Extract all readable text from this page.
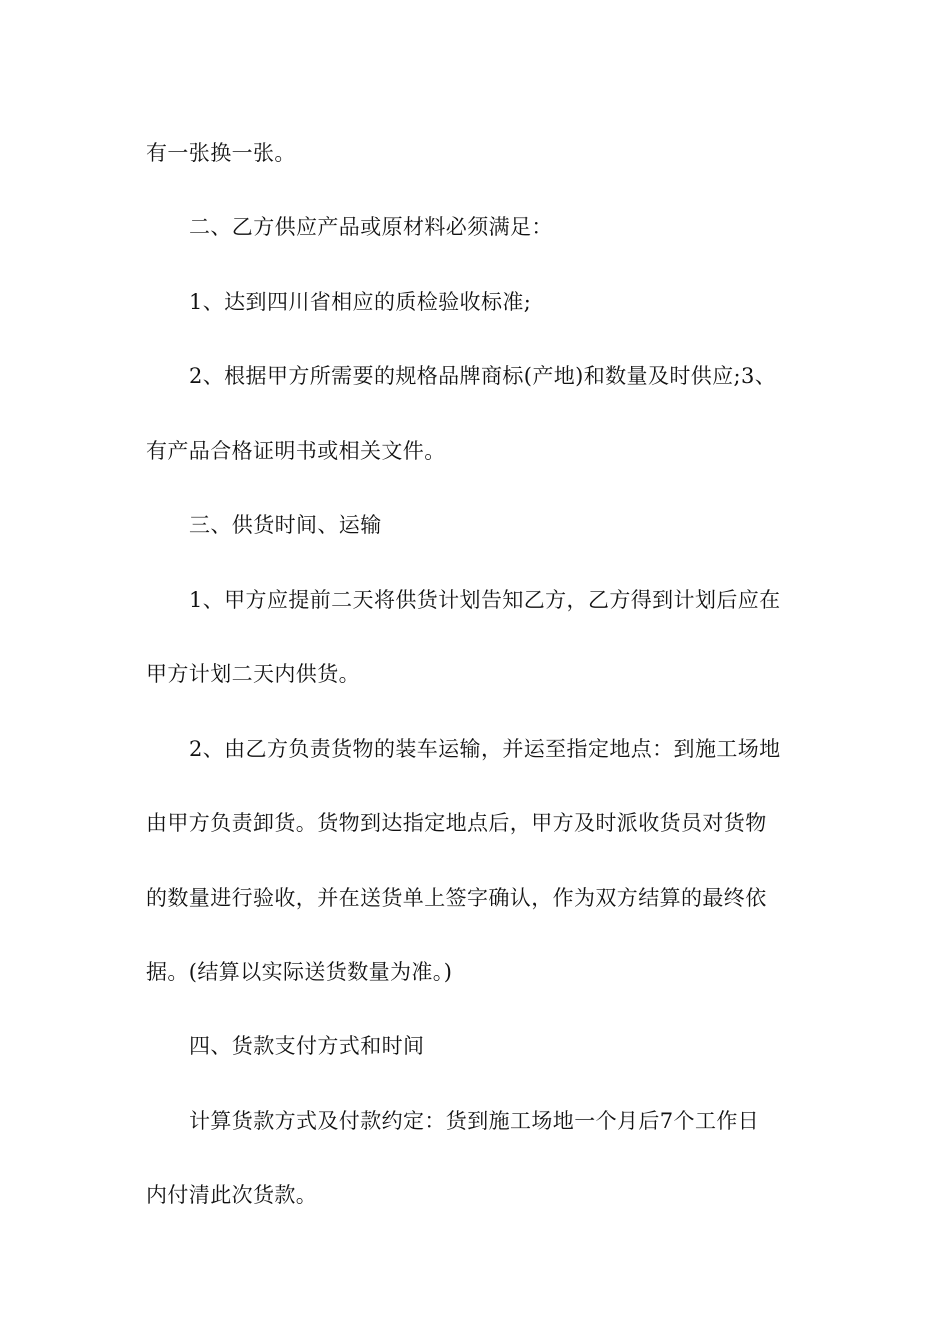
有一张换一张。
二、乙方供应产品或原材料必须满足：
1、达到四川省相应的质检验收标准;
2、根据甲方所需要的规格品牌商标(产地)和数量及时供应;3、
有产品合格证明书或相关文件。
三、供货时间、运输
1、甲方应提前二天将供货计划告知乙方，乙方得到计划后应在
甲方计划二天内供货。
2、由乙方负责货物的装车运输，并运至指定地点：到施工场地
由甲方负责卸货。货物到达指定地点后，甲方及时派收货员对货物
的数量进行验收，并在送货单上签字确认，作为双方结算的最终依
据。(结算以实际送货数量为准。)
四、货款支付方式和时间
计算货款方式及付款约定：货到施工场地一个月后7个工作日
内付清此次货款。
